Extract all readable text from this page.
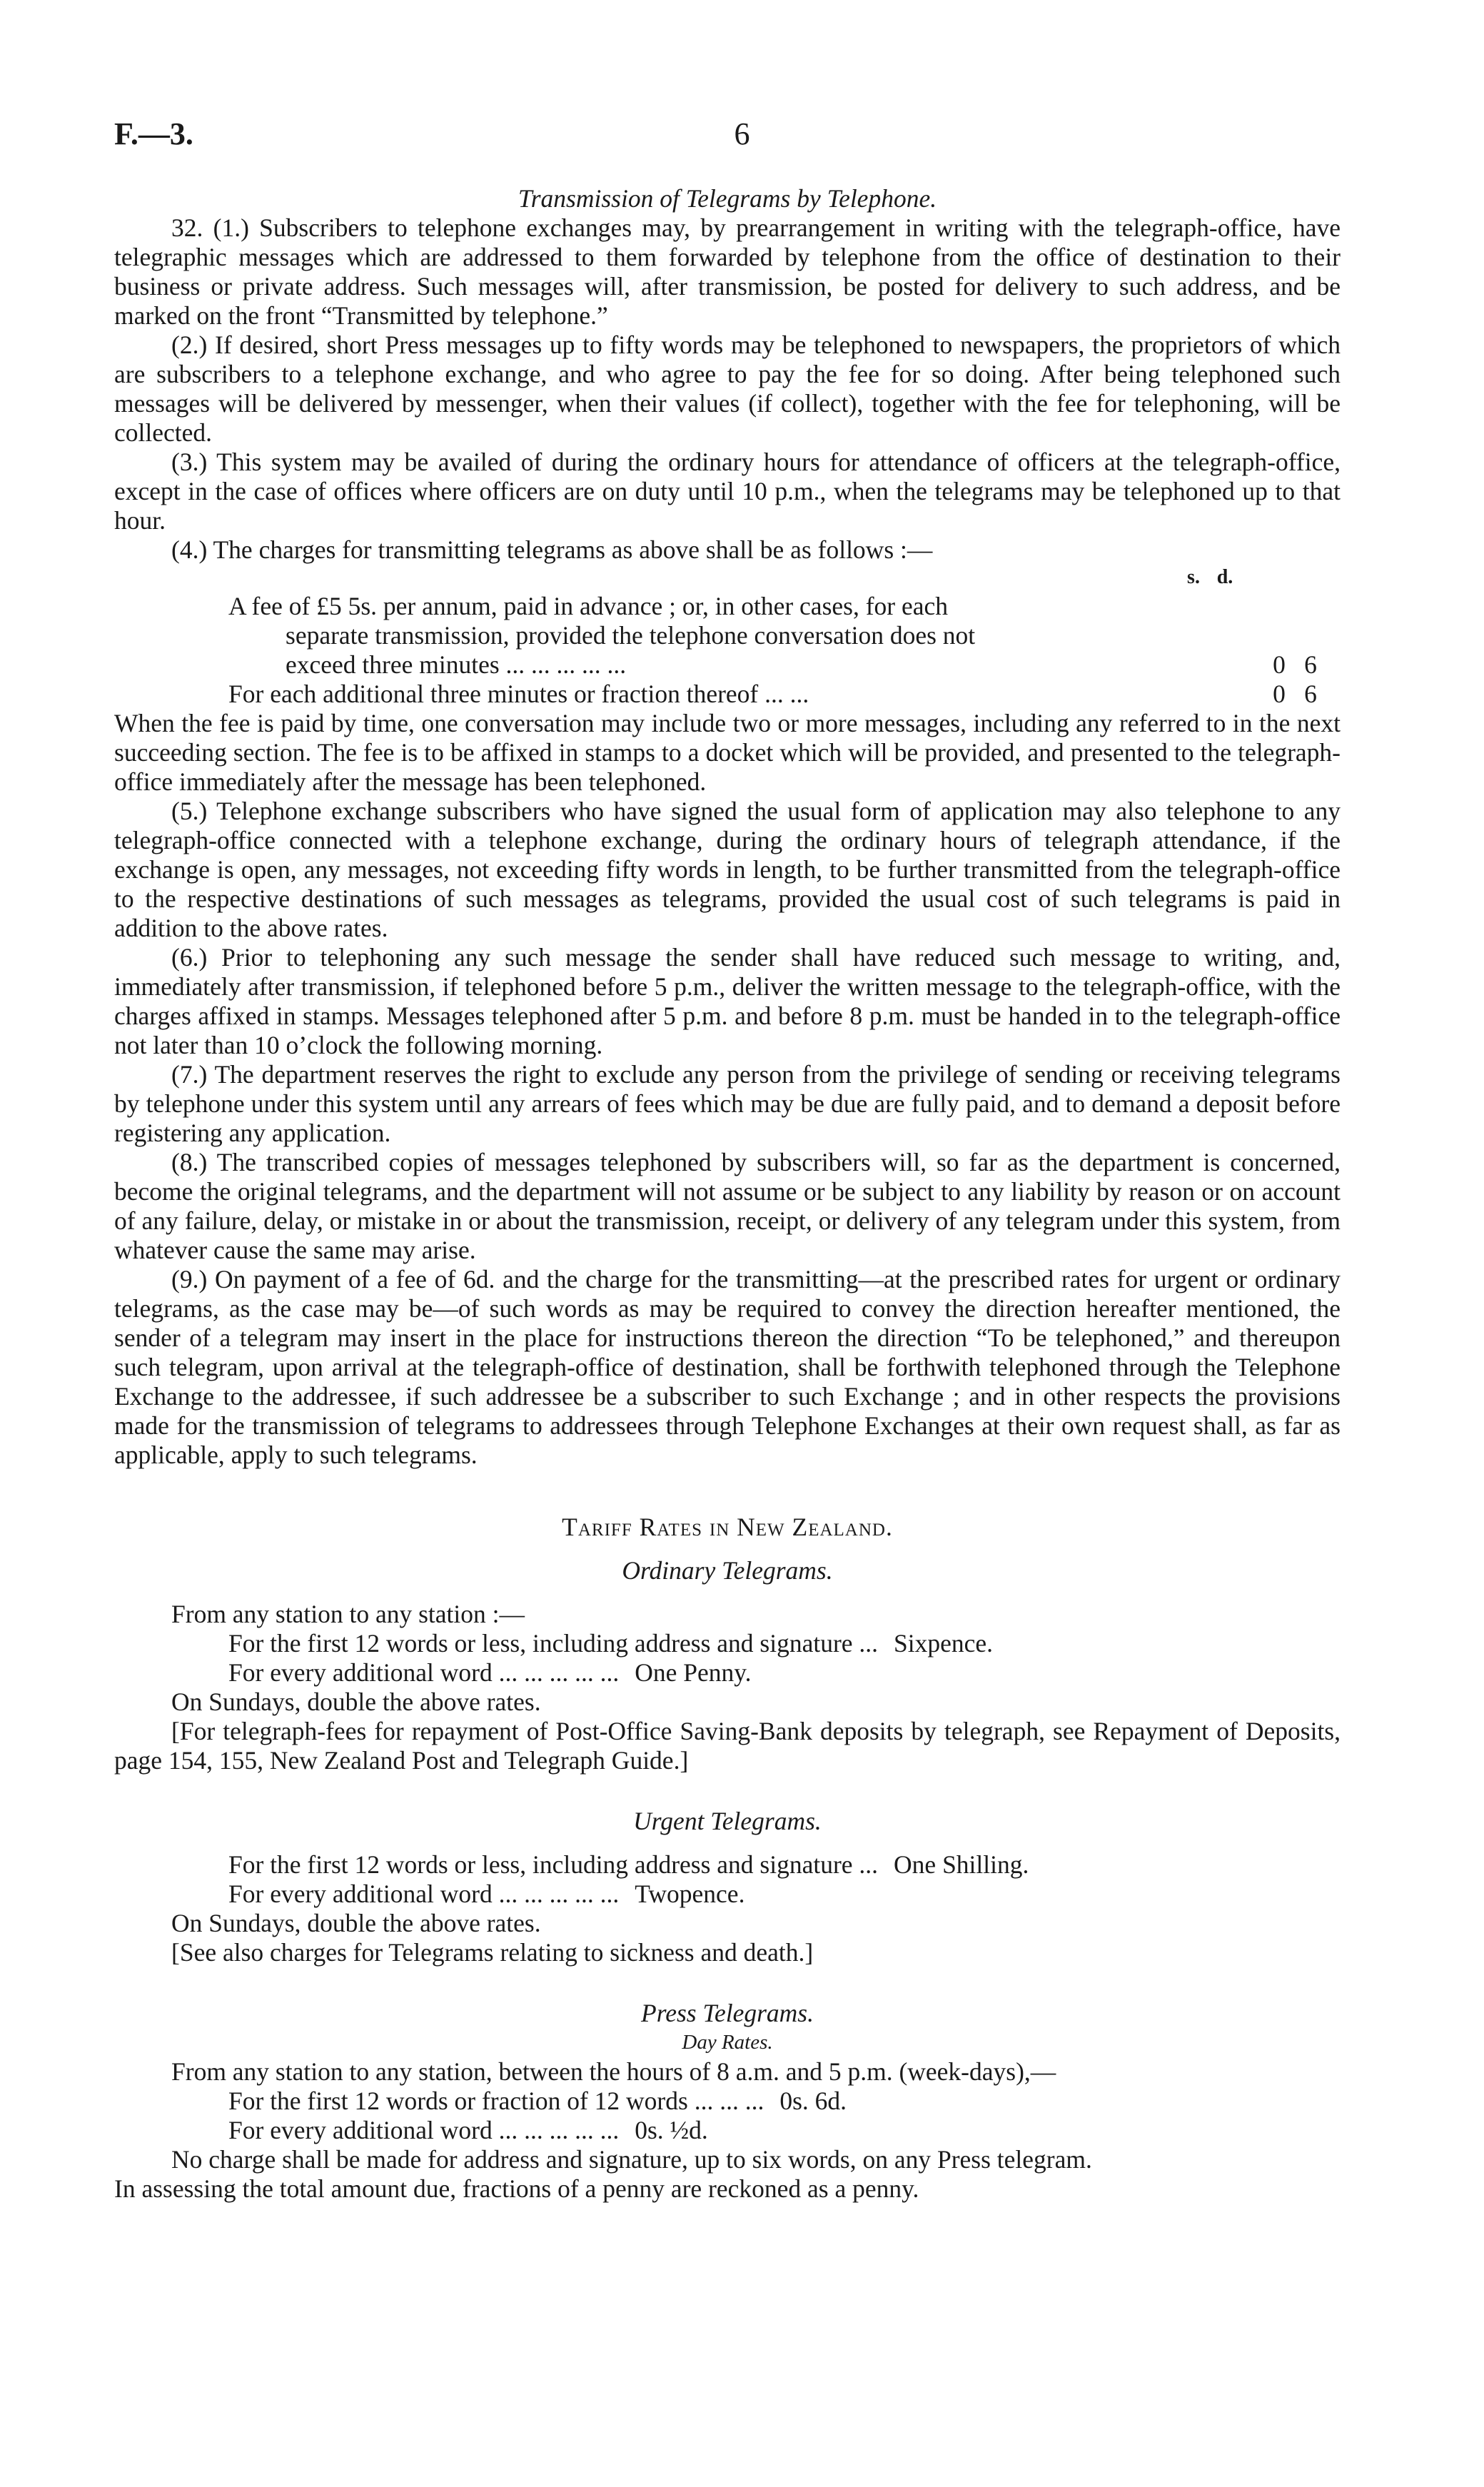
F.—3.	6

Transmission of Telegrams by Telephone.

32. (1.) Subscribers to telephone exchanges may, by prearrangement in writing with the telegraph-office, have telegraphic messages which are addressed to them forwarded by telephone from the office of destination to their business or private address. Such messages will, after transmission, be posted for delivery to such address, and be marked on the front “Transmitted by telephone.”

(2.) If desired, short Press messages up to fifty words may be telephoned to newspapers, the proprietors of which are subscribers to a telephone exchange, and who agree to pay the fee for so doing. After being telephoned such messages will be delivered by messenger, when their values (if collect), together with the fee for telephoning, will be collected.

(3.) This system may be availed of during the ordinary hours for attendance of officers at the telegraph-office, except in the case of offices where officers are on duty until 10 p.m., when the telegrams may be telephoned up to that hour.

(4.) The charges for transmitting telegrams as above shall be as follows :—

s. d.
A fee of £5 5s. per annum, paid in advance ; or, in other cases, for each
separate transmission, provided the telephone conversation does not
exceed three minutes ... ... ... ... ...	0 6
For each additional three minutes or fraction thereof ... ...	0 6

When the fee is paid by time, one conversation may include two or more messages, including any referred to in the next succeeding section. The fee is to be affixed in stamps to a docket which will be provided, and presented to the telegraph-office immediately after the message has been telephoned.

(5.) Telephone exchange subscribers who have signed the usual form of application may also telephone to any telegraph-office connected with a telephone exchange, during the ordinary hours of telegraph attendance, if the exchange is open, any messages, not exceeding fifty words in length, to be further transmitted from the telegraph-office to the respective destinations of such messages as telegrams, provided the usual cost of such telegrams is paid in addition to the above rates.

(6.) Prior to telephoning any such message the sender shall have reduced such message to writing, and, immediately after transmission, if telephoned before 5 p.m., deliver the written message to the telegraph-office, with the charges affixed in stamps. Messages telephoned after 5 p.m. and before 8 p.m. must be handed in to the telegraph-office not later than 10 o’clock the following morning.

(7.) The department reserves the right to exclude any person from the privilege of sending or receiving telegrams by telephone under this system until any arrears of fees which may be due are fully paid, and to demand a deposit before registering any application.

(8.) The transcribed copies of messages telephoned by subscribers will, so far as the department is concerned, become the original telegrams, and the department will not assume or be subject to any liability by reason or on account of any failure, delay, or mistake in or about the transmission, receipt, or delivery of any telegram under this system, from whatever cause the same may arise.

(9.) On payment of a fee of 6d. and the charge for the transmitting—at the prescribed rates for urgent or ordinary telegrams, as the case may be—of such words as may be required to convey the direction hereafter mentioned, the sender of a telegram may insert in the place for instructions thereon the direction “To be telephoned,” and thereupon such telegram, upon arrival at the telegraph-office of destination, shall be forthwith telephoned through the Telephone Exchange to the addressee, if such addressee be a subscriber to such Exchange ; and in other respects the provisions made for the transmission of telegrams to addressees through Telephone Exchanges at their own request shall, as far as applicable, apply to such telegrams.

Tariff Rates in New Zealand.

Ordinary Telegrams.

From any station to any station :—
For the first 12 words or less, including address and signature ... Sixpence.
For every additional word ... ... ... ... ... One Penny.
On Sundays, double the above rates.

[For telegraph-fees for repayment of Post-Office Saving-Bank deposits by telegraph, see Repayment of Deposits, page 154, 155, New Zealand Post and Telegraph Guide.]

Urgent Telegrams.

For the first 12 words or less, including address and signature ... One Shilling.
For every additional word ... ... ... ... ... Twopence.
On Sundays, double the above rates.
[See also charges for Telegrams relating to sickness and death.]

Press Telegrams.

Day Rates.

From any station to any station, between the hours of 8 a.m. and 5 p.m. (week-days),—
For the first 12 words or fraction of 12 words ... ... ... 0s. 6d.
For every additional word ... ... ... ... ... 0s. ½d.

No charge shall be made for address and signature, up to six words, on any Press telegram.

In assessing the total amount due, fractions of a penny are reckoned as a penny.
